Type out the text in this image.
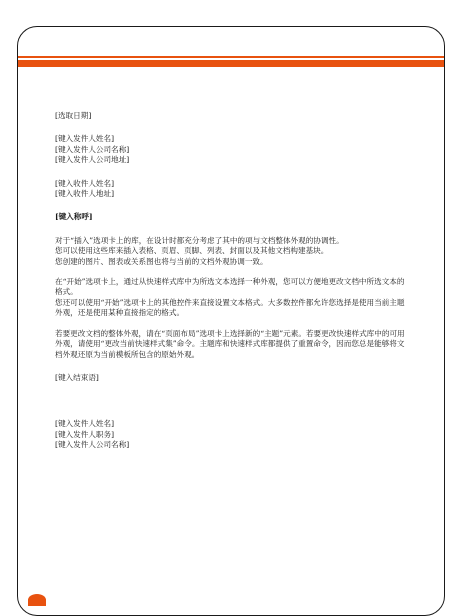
[选取日期]
[键入发件人姓名]
[键入发件人公司名称]
[键入发件人公司地址]
[键入收件人姓名]
[键入收件人地址]
[键入称呼]
对于“插入”选项卡上的库，在设计时都充分考虑了其中的项与文档整体外观的协调性。
您可以使用这些库来插入表格、页眉、页脚、列表、封面以及其他文档构建基块。
您创建的图片、图表或关系图也将与当前的文档外观协调一致。
在“开始”选项卡上，通过从快速样式库中为所选文本选择一种外观，您可以方便地更改文档中所选文本的格式。
您还可以使用“开始”选项卡上的其他控件来直接设置文本格式。大多数控件都允许您选择是使用当前主题外观，还是使用某种直接指定的格式。
若要更改文档的整体外观，请在“页面布局”选项卡上选择新的“主题”元素。若要更改快速样式库中的可用外观，请使用“更改当前快速样式集”命令。主题库和快速样式库都提供了重置命令，因而您总是能够将文档外观还原为当前模板所包含的原始外观。
[键入结束语]
[键入发件人姓名]
[键入发件人职务]
[键入发件人公司名称]
